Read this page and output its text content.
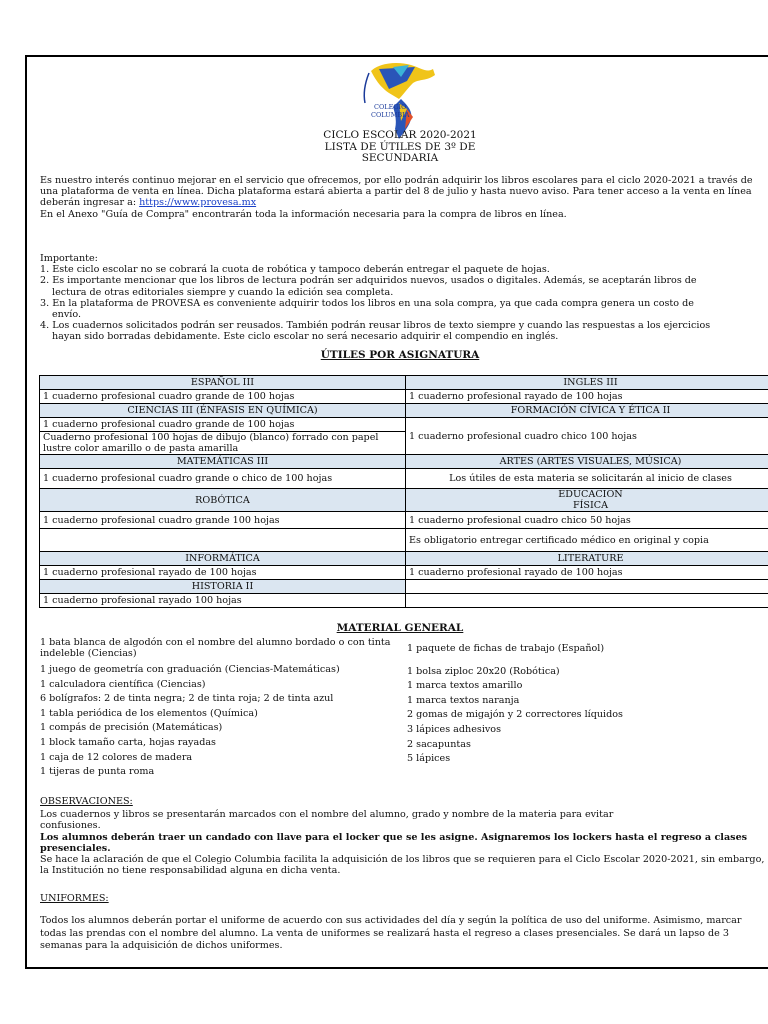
COLEGIO
COLUMBIA
CICLO ESCOLAR 2020-2021
LISTA DE ÚTILES DE 3º DE
SECUNDARIA

Es nuestro interés continuo mejorar en el servicio que ofrecemos, por ello podrán adquirir los libros escolares para el ciclo 2020-2021 a través de una plataforma de venta en línea. Dicha plataforma estará abierta a partir del 8 de julio y hasta nuevo aviso. Para tener acceso a la venta en línea deberán ingresar a: https://www.provesa.mx

En el Anexo "Guía de Compra" encontrarán toda la información necesaria para la compra de libros en línea.

Importante:

1. Este ciclo escolar no se cobrará la cuota de robótica y tampoco deberán entregar el paquete de hojas.

2. Es importante mencionar que los libros de lectura podrán ser adquiridos nuevos, usados o digitales. Además, se aceptarán libros de

lectura de otras editoriales siempre y cuando la edición sea completa.

3. En la plataforma de PROVESA es conveniente adquirir todos los libros en una sola compra, ya que cada compra genera un costo de

envío.

4. Los cuadernos solicitados podrán ser reusados. También podrán reusar libros de texto siempre y cuando las respuestas a los ejercicios

hayan sido borradas debidamente. Este ciclo escolar no será necesario adquirir el compendio en inglés.

ÚTILES POR ASIGNATURA
ESPAÑOL III	INGLES III
1 cuaderno profesional cuadro grande de 100 hojas	1 cuaderno profesional rayado de 100 hojas
CIENCIAS III (ÉNFASIS EN QUÍMICA)	FORMACIÓN CÍVICA Y ÉTICA II
1 cuaderno profesional cuadro grande de 100 hojas	1 cuaderno profesional cuadro chico 100 hojas
Cuaderno profesional 100 hojas de dibujo (blanco) forrado con papel lustre color amarillo o de pasta amarilla	
MATEMÁTICAS III	ARTES (ARTES VISUALES, MÚSICA)
1 cuaderno profesional cuadro grande o chico de 100 hojas	Los útiles de esta materia se solicitarán al inicio de clases
ROBÓTICA	EDUCACION
FÍSICA

1 cuaderno profesional cuadro grande 100 hojas	1 cuaderno profesional cuadro chico 50 hojas
	Es obligatorio entregar certificado médico en original y copia
INFORMÁTICA	LITERATURE
1 cuaderno profesional rayado de 100 hojas	1 cuaderno profesional rayado de 100 hojas
HISTORIA II	
1 cuaderno profesional rayado 100 hojas	
MATERIAL GENERAL
1 bata blanca de algodón con el nombre del alumno bordado o con tinta
indeleble (Ciencias)
1 juego de geometría con graduación (Ciencias-Matemáticas)
1 calculadora científica (Ciencias)
6 bolígrafos: 2 de tinta negra; 2 de tinta roja; 2 de tinta azul
1 tabla periódica de los elementos (Química)
1 compás de precisión (Matemáticas)
1 block tamaño carta, hojas rayadas
1 caja de 12 colores de madera
1 tijeras de punta roma
1 paquete de fichas de trabajo (Español)
1 bolsa ziploc 20x20 (Robótica)
1 marca textos amarillo
1 marca textos naranja
2 gomas de migajón y 2 correctores líquidos
3 lápices adhesivos
2 sacapuntas
5 lápices

OBSERVACIONES:

Los cuadernos y libros se presentarán marcados con el nombre del alumno, grado y nombre de la materia para evitar

confusiones.

Los alumnos deberán traer un candado con llave para el locker que se les asigne. Asignaremos los lockers hasta el regreso a clases presenciales.

Se hace la aclaración de que el Colegio Columbia facilita la adquisición de los libros que se requieren para el Ciclo Escolar 2020-2021, sin embargo, la Institución no tiene responsabilidad alguna en dicha venta.

UNIFORMES:

Todos los alumnos deberán portar el uniforme de acuerdo con sus actividades del día y según la política de uso del uniforme. Asimismo, marcar todas las prendas con el nombre del alumno. La venta de uniformes se realizará hasta el regreso a clases presenciales. Se dará un lapso de 3 semanas para la adquisición de dichos uniformes.
